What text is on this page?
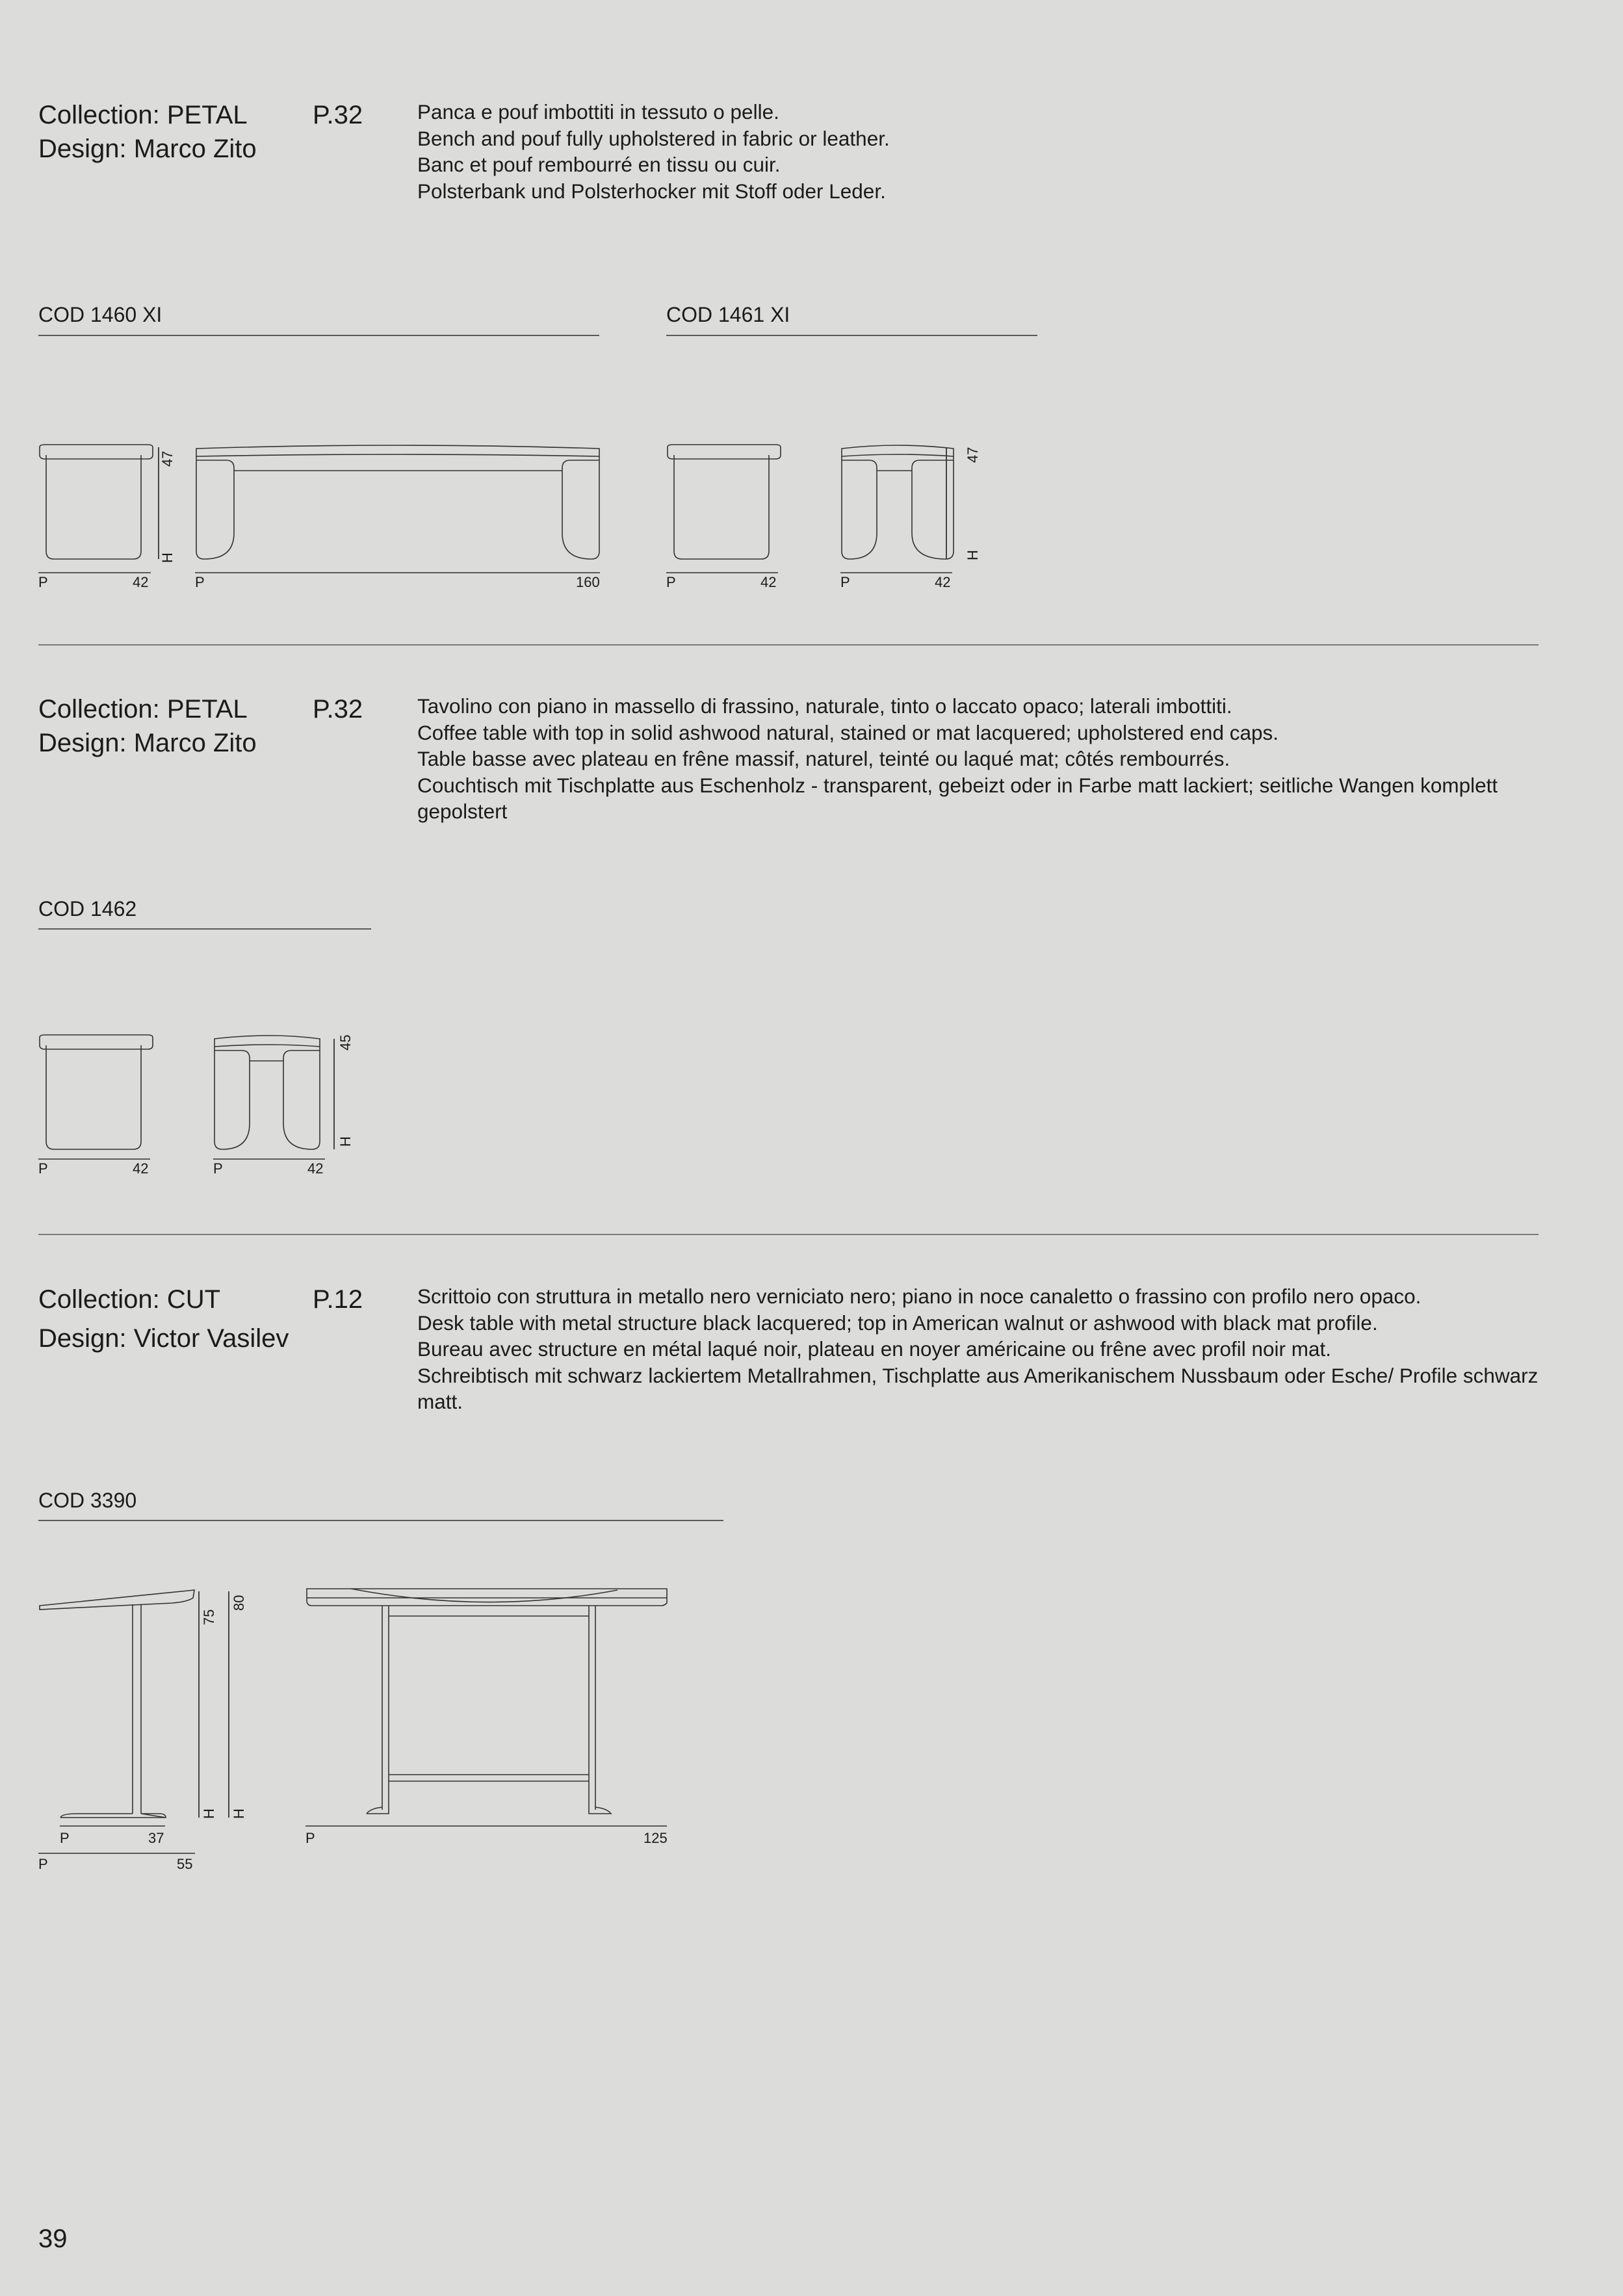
Collection: PETAL
Design: Marco Zito
P.32	Panca e pouf imbottiti in tessuto o pelle.
Bench and pouf fully upholstered in fabric or leather.
Banc et pouf rembourré en tissu ou cuir.
Polsterbank und Polsterhocker mit Stoff oder Leder.
COD 1460 XI	COD 1461 XI
47
H
P	42	P	160	P	42
47
H
P	42
Collection: PETAL
Design: Marco Zito
P.32	Tavolino con piano in massello di frassino, naturale, tinto o laccato opaco; laterali imbottiti.
Coffee table with top in solid ashwood natural, stained or mat lacquered; upholstered end caps.
Table basse avec plateau en frêne massif, naturel, teinté ou laqué mat; côtés rembourrés.
Couchtisch mit Tischplatte aus Eschenholz - transparent, gebeizt oder in Farbe matt lackiert; seitliche Wangen komplett gepolstert
COD 1462
P	42
45
H
P	42
Collection: CUT
Design: Victor Vasilev
P.12	Scrittoio con struttura in metallo nero verniciato nero; piano in noce canaletto o frassino con profilo nero opaco.
Desk table with metal structure black lacquered; top in American walnut or ashwood with black mat profile.
Bureau avec structure en métal laqué noir, plateau en noyer américaine ou frêne avec profil noir mat.
Schreibtisch mit schwarz lackiertem Metallrahmen, Tischplatte aus Amerikanischem Nussbaum oder Esche/ Profile schwarz matt.
COD 3390
75
H
80
H
P	37
P	55
P	125
39
